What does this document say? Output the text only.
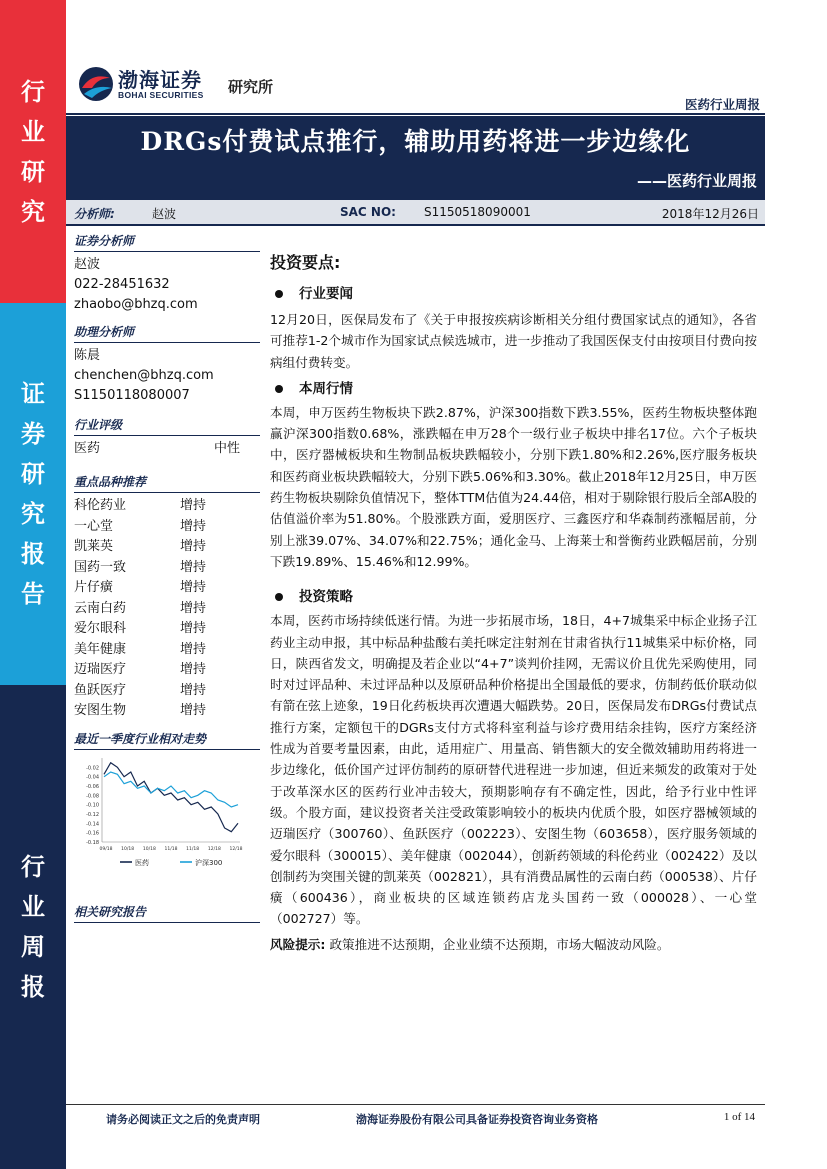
行
业
研
究
证
券
研
究
报
告
行
业
周
报
渤海证券
BOHAI SECURITIES 研究所
医药行业周报
DRGs付费试点推行，辅助用药将进一步边缘化
——医药行业周报
分析师:	赵波	SAC NO: S1150518090001	2018年12月26日
证券分析师
赵波
022-28451632
zhaobo@bhzq.com
助理分析师
陈晨
chenchen@bhzq.com
S1150118080007
行业评级
医药	中性
重点品种推荐
科伦药业	增持
一心堂	增持
凯莱英	增持
国药一致	增持
片仔癀	增持
云南白药	增持
爱尔眼科	增持
美年健康	增持
迈瑞医疗	增持
鱼跃医疗	增持
安图生物	增持
最近一季度行业相对走势
-0.02
-0.04
-0.06
-0.08
-0.10
-0.12
-0.14
-0.16
-0.18
09/18 10/18 10/18 11/18 11/18 12/18 12/18
医药	沪深300
相关研究报告
投资要点:
行业要闻

12月20日，医保局发布了《关于申报按疾病诊断相关分组付费国家试点的通知》，各省可推荐1-2个城市作为国家试点候选城市，进一步推动了我国医保支付由按项目付费向按病组付费转变。

本周行情

本周，申万医药生物板块下跌2.87%，沪深300指数下跌3.55%，医药生物板块整体跑赢沪深300指数0.68%，涨跌幅在申万28个一级行业子板块中排名17位。六个子板块中，医疗器械板块和生物制品板块跌幅较小，分别下跌1.80%和2.26%,医疗服务板块和医药商业板块跌幅较大，分别下跌5.06%和3.30%。截止2018年12月25日，申万医药生物板块剔除负值情况下，整体TTM估值为24.44倍，相对于剔除银行股后全部A股的估值溢价率为51.80%。个股涨跌方面，爱朋医疗、三鑫医疗和华森制药涨幅居前，分别上涨39.07%、34.07%和22.75%；通化金马、上海莱士和誉衡药业跌幅居前，分别下跌19.89%、15.46%和12.99%。

投资策略

本周，医药市场持续低迷行情。为进一步拓展市场，18日，4+7城集采中标企业扬子江药业主动申报，其中标品种盐酸右美托咪定注射剂在甘肃省执行11城集采中标价格，同日，陕西省发文，明确提及若企业以“4+7”谈判价挂网，无需议价且优先采购使用，同时对过评品种、未过评品种以及原研品种价格提出全国最低的要求，仿制药低价联动似有箭在弦上迹象，19日化药板块再次遭遇大幅跌势。20日，医保局发布DRGs付费试点推行方案，定额包干的DGRs支付方式将科室利益与诊疗费用结余挂钩，医疗方案经济性成为首要考量因素，由此，适用症广、用量高、销售额大的安全微效辅助用药将进一步边缘化，低价国产过评仿制药的原研替代进程进一步加速，但近来频发的政策对于处于改革深水区的医药行业冲击较大，预期影响存有不确定性，因此，给予行业中性评级。个股方面，建议投资者关注受政策影响较小的板块内优质个股，如医疗器械领域的迈瑞医疗（300760）、鱼跃医疗（002223）、安图生物（603658），医疗服务领域的爱尔眼科（300015）、美年健康（002044），创新药领域的科伦药业（002422）及以创制药为突围关键的凯莱英（002821），具有消费品属性的云南白药（000538）、片仔癀（600436），商业板块的区域连锁药店龙头国药一致（000028）、一心堂（002727）等。

风险提示: 政策推进不达预期，企业业绩不达预期，市场大幅波动风险。
请务必阅读正文之后的免责声明	渤海证券股份有限公司具备证券投资咨询业务资格	1 of 14
